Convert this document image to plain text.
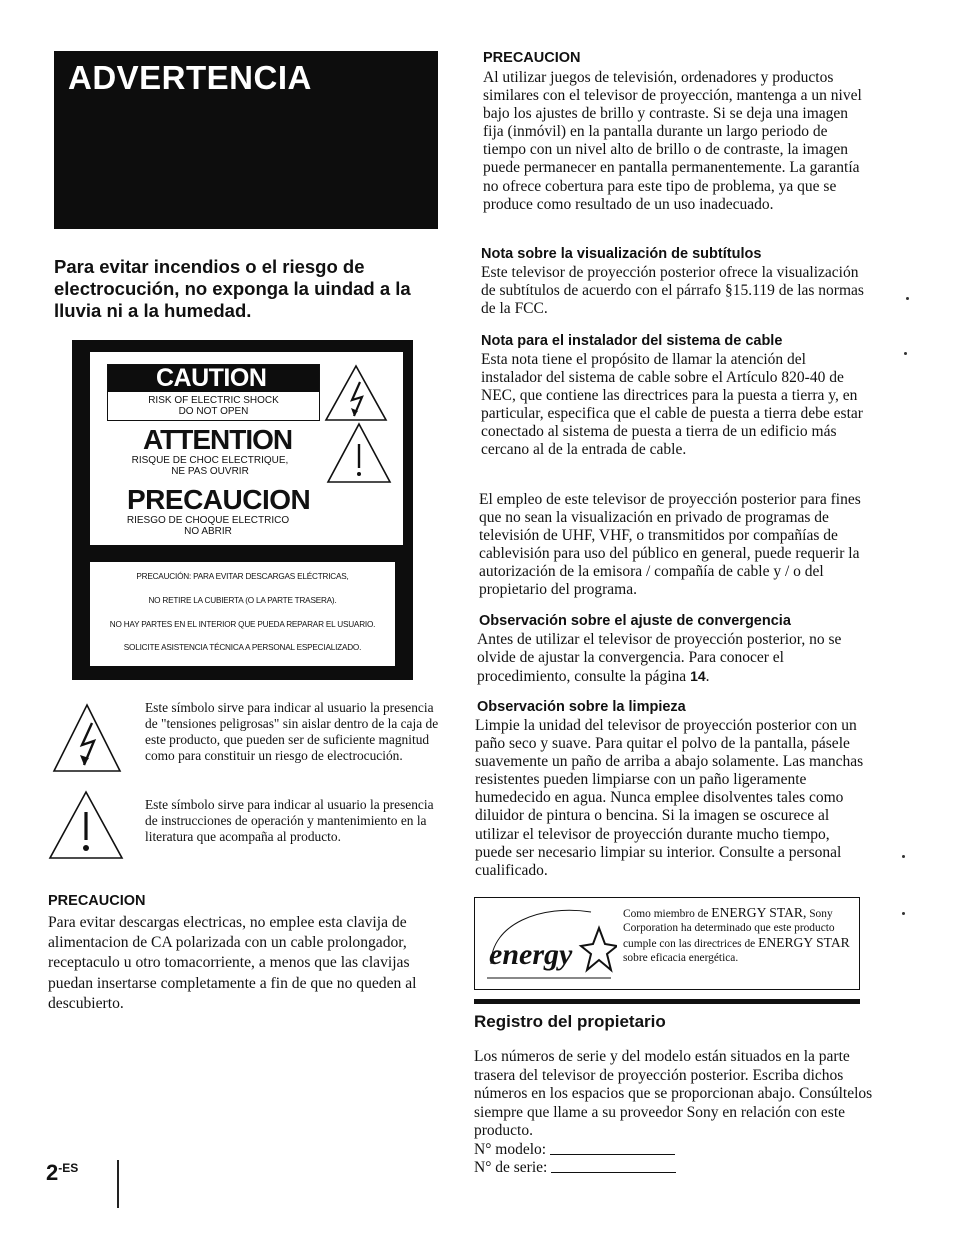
ADVERTENCIA
Para evitar incendios o el riesgo de electrocución, no exponga la uindad a la lluvia ni a la humedad.
CAUTION
RISK OF ELECTRIC SHOCK
DO NOT OPEN
ATTENTION
RISQUE DE CHOC ELECTRIQUE,
NE PAS OUVRIR
PRECAUCION
RIESGO DE CHOQUE ELECTRICO
NO ABRIR
PRECAUCIÓN: PARA EVITAR DESCARGAS ELÉCTRICAS,
NO RETIRE LA CUBIERTA (O LA PARTE TRASERA).
NO HAY PARTES EN EL INTERIOR QUE PUEDA REPARAR EL USUARIO.
SOLICITE ASISTENCIA TÉCNICA A PERSONAL ESPECIALIZADO.
Este símbolo sirve para indicar al usuario la presencia de "tensiones peligrosas" sin aislar dentro de la caja de este producto, que pueden ser de suficiente magnitud como para constituir un riesgo de electrocución.
Este símbolo sirve para indicar al usuario la presencia de instrucciones de operación y mantenimiento en la literatura que acompaña al producto.
PRECAUCION
Para evitar descargas electricas, no emplee esta clavija de alimentacion de CA polarizada con un cable prolongador, receptaculo u otro tomacorriente, a menos que las clavijas puedan insertarse completamente a fin de que no queden al descubierto.
$2^{-ES}$
PRECAUCION
Al utilizar juegos de televisión, ordenadores y productos similares con el televisor de proyección, mantenga a un nivel bajo los ajustes de brillo y contraste. Si se deja una imagen fija (inmóvil) en la pantalla durante un largo periodo de tiempo con un nivel alto de brillo o de contraste, la imagen puede permanecer en pantalla permanentemente. La garantía no ofrece cobertura para este tipo de problema, ya que se produce como resultado de un uso inadecuado.
Nota sobre la visualización de subtítulos
Este televisor de proyección posterior ofrece la visualización de subtítulos de acuerdo con el párrafo §15.119 de las normas de la FCC.
Nota para el instalador del sistema de cable
Esta nota tiene el propósito de llamar la atención del instalador del sistema de cable sobre el Artículo 820-40 de NEC, que contiene las directrices para la puesta a tierra y, en particular, especifica que el cable de puesta a tierra debe estar conectado al sistema de puesta a tierra de un edificio más cercano al de la entrada de cable.
El empleo de este televisor de proyección posterior para fines que no sean la visualización en privado de programas de televisión de UHF, VHF, o transmitidos por compañías de cablevisión para uso del público en general, puede requerir la autorización de la emisora / compañía de cable y / o del propietario del programa.
Observación sobre el ajuste de convergencia
Antes de utilizar el televisor de proyección posterior, no se olvide de ajustar la convergencia. Para conocer el procedimiento, consulte la página 14.
Observación sobre la limpieza
Limpie la unidad del televisor de proyección posterior con un paño seco y suave. Para quitar el polvo de la pantalla, pásele suavemente un paño de arriba a abajo solamente. Las manchas resistentes pueden limpiarse con un paño ligeramente humedecido en agua. Nunca emplee disolventes tales como diluidor de pintura o bencina. Si la imagen se oscurece al utilizar el televisor de proyección durante mucho tiempo, puede ser necesario limpiar su interior. Consulte a personal cualificado.
energy
Como miembro de ENERGY STAR, Sony Corporation ha determinado que este producto cumple con las directrices de ENERGY STAR sobre eficacia energética.
Registro del propietario
Los números de serie y del modelo están situados en la parte trasera del televisor de proyección posterior. Escriba dichos números en los espacios que se proporcionan abajo. Consúltelos siempre que llame a su proveedor Sony en relación con este producto.
N° modelo:
N° de serie:
